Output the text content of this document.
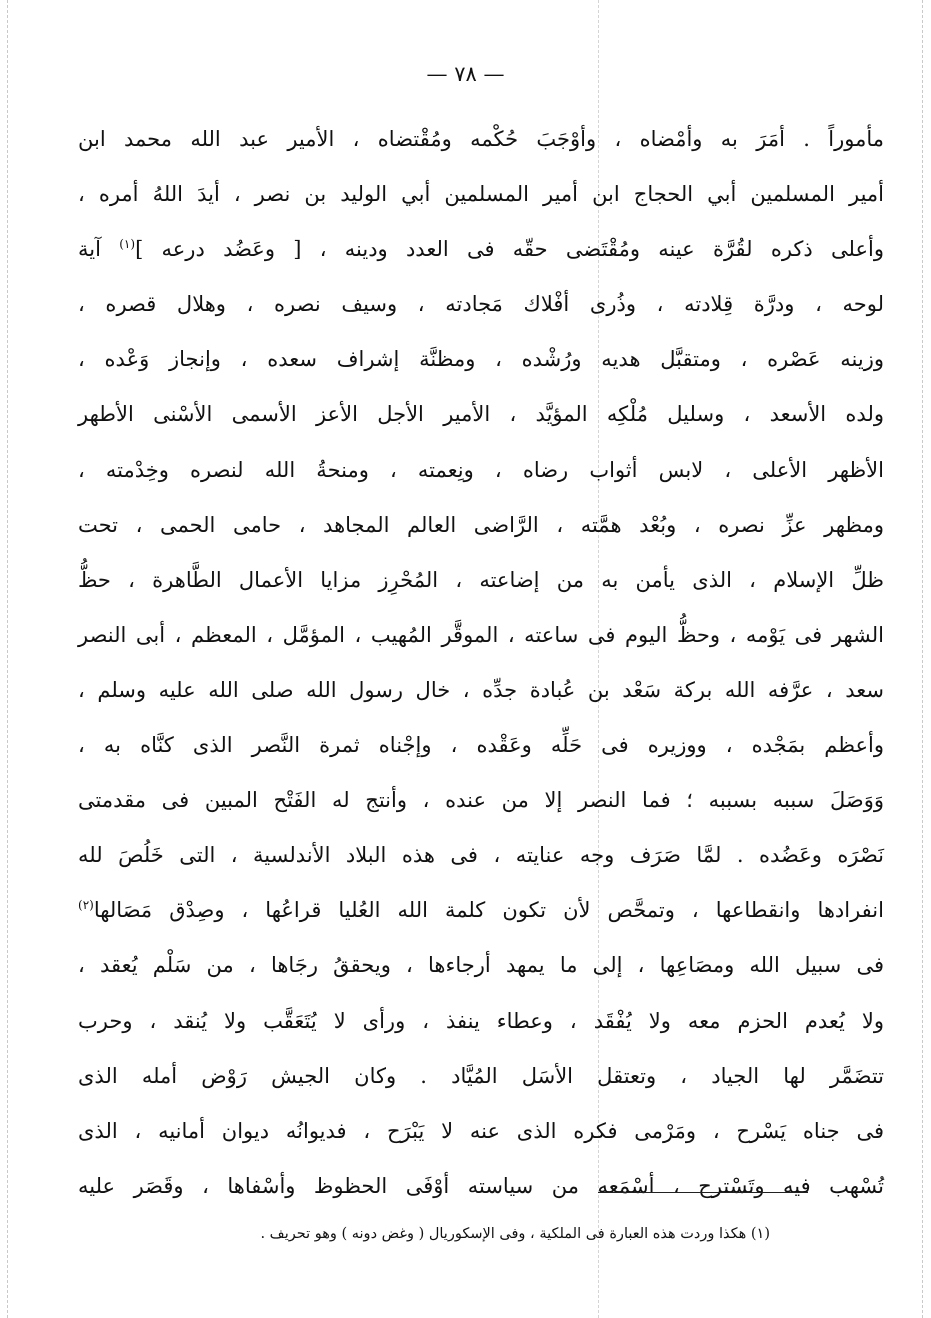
— ٧٨ —
مأموراً . أمَرَ به وأمْضاه ، وأوْجَبَ حُكْمه ومُقْتضاه ، الأمير عبد الله محمد ابن
أمير المسلمين أبي الحجاج ابن أمير المسلمين أبي الوليد بن نصر ، أيدَ اللهُ أمره ،
وأعلى ذكره لقُرَّة عينه ومُقْتَضى حقّه فى العدد ودينه ، [ وعَضُد درعه ]$^{(١)}$ آية
لوحه ، ودرَّة قِلادته ، وذُرى أفْلاك مَجادته ، وسيف نصره ، وهلال قصره ،
وزينه عَصْره ، ومتقبَّل هديه ورُشْده ، ومظنَّة إشراف سعده ، وإنجاز وَعْده ،
ولده الأسعد ، وسليل مُلْكِه المؤيَّد ، الأمير الأجل الأعز الأسمى الأسْنى الأطهر
الأظهر الأعلى ، لابس أثواب رضاه ، ونِعمته ، ومنحةُ الله لنصره وخِدْمته ،
ومظهر عزِّ نصره ، وبُعْد همَّته ، الرَّاضى العالم المجاهد ، حامى الحمى ، تحت
ظلِّ الإسلام ، الذى يأمن به من إضاعته ، المُحْرِز مزايا الأعمال الطَّاهرة ، حظُّ
الشهر فى يَوْمه ، وحظُّ اليوم فى ساعته ، الموقَّر المُهيب ، المؤمَّل ، المعظم ، أبى النصر
سعد ، عرَّفه الله بركة سَعْد بن عُبادة جدِّه ، خال رسول الله صلى الله عليه وسلم ،
وأعظم بمَجْده ، ووزيره فى حَلِّه وعَقْده ، وإجْناه ثمرة النَّصر الذى كنَّاه به ،
وَوَصَلَ سببه بسببه ؛ فما النصر إلا من عنده ، وأنتج له الفَتْح المبين فى مقدمتى
نَصْرَه وعَضُده . لمَّا صَرَف وجه عنايته ، فى هذه البلاد الأندلسية ، التى خَلُصَ لله
انفرادها وانقطاعها ، وتمحَّص لأن تكون كلمة الله العُليا قراعُها ، وصِدْق مَصَالها$^{(٢)}$
فى سبيل الله ومصَاعِها ، إلى ما يمهد أرجاءها ، ويحققُ رجَاها ، من سَلْم يُعقد ،
ولا يُعدم الحزم معه ولا يُفْقَد ، وعطاء ينفذ ، ورأى لا يُتَعَقَّب ولا يُنقد ، وحرب
تتضَمَّر لها الجياد ، وتعتقل الأسَل المُيَّاد . وكان الجيش رَوْض أمله الذى
فى جناه يَسْرح ، ومَرْمى فكره الذى عنه لا يَبْرَح ، فديوانُه ديوان أمانيه ، الذى
تُسْهب فيه وتَسْترح ، أسْمَعه من سياسته أوْفَى الحظوظ وأسْفاها ، وقَصَر عليه
(١) هكذا وردت هذه العبارة فى الملكية ، وفى الإسكوريال ( وغض دونه ) وهو تحريف .
